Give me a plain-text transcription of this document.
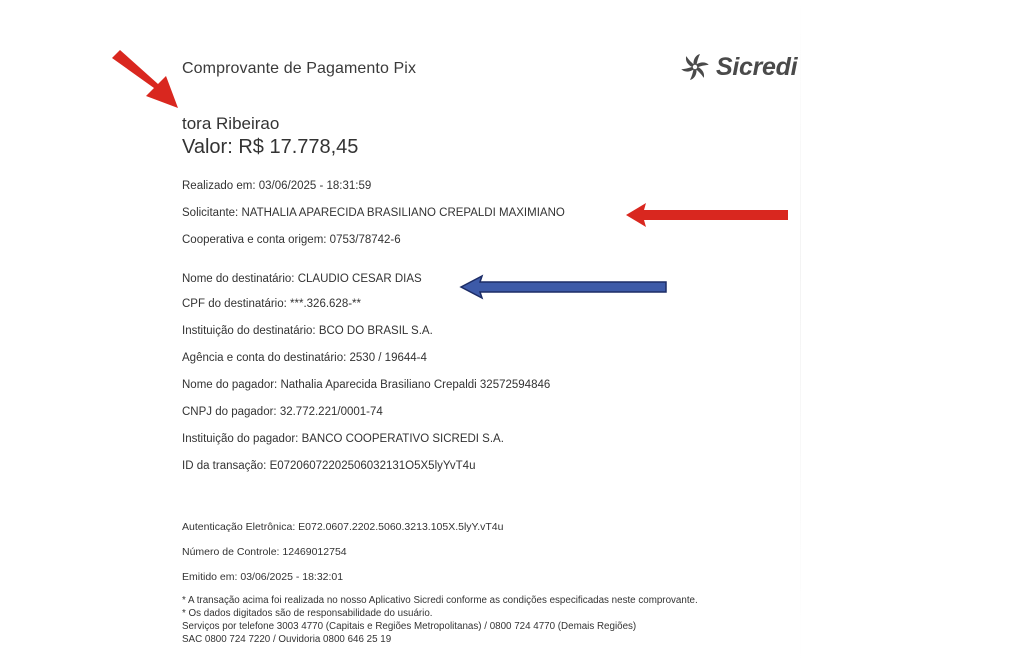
Comprovante de Pagamento Pix	Sicredi
tora Ribeirao
Valor: R$ 17.778,45
Realizado em: 03/06/2025 - 18:31:59
Solicitante: NATHALIA APARECIDA BRASILIANO CREPALDI MAXIMIANO
Cooperativa e conta origem: 0753/78742-6
Nome do destinatário: CLAUDIO CESAR DIAS
CPF do destinatário: ***.326.628-**
Instituição do destinatário: BCO DO BRASIL S.A.
Agência e conta do destinatário: 2530 / 19644-4
Nome do pagador: Nathalia Aparecida Brasiliano Crepaldi 32572594846
CNPJ do pagador: 32.772.221/0001-74
Instituição do pagador: BANCO COOPERATIVO SICREDI S.A.
ID da transação: E07206072202506032131O5X5lyYvT4u
Autenticação Eletrônica: E072.0607.2202.5060.3213.105X.5lyY.vT4u
Número de Controle: 12469012754
Emitido em: 03/06/2025 - 18:32:01
* A transação acima foi realizada no nosso Aplicativo Sicredi conforme as condições especificadas neste comprovante.
* Os dados digitados são de responsabilidade do usuário.
Serviços por telefone 3003 4770 (Capitais e Regiões Metropolitanas) / 0800 724 4770 (Demais Regiões)
SAC 0800 724 7220 / Ouvidoria 0800 646 25 19
